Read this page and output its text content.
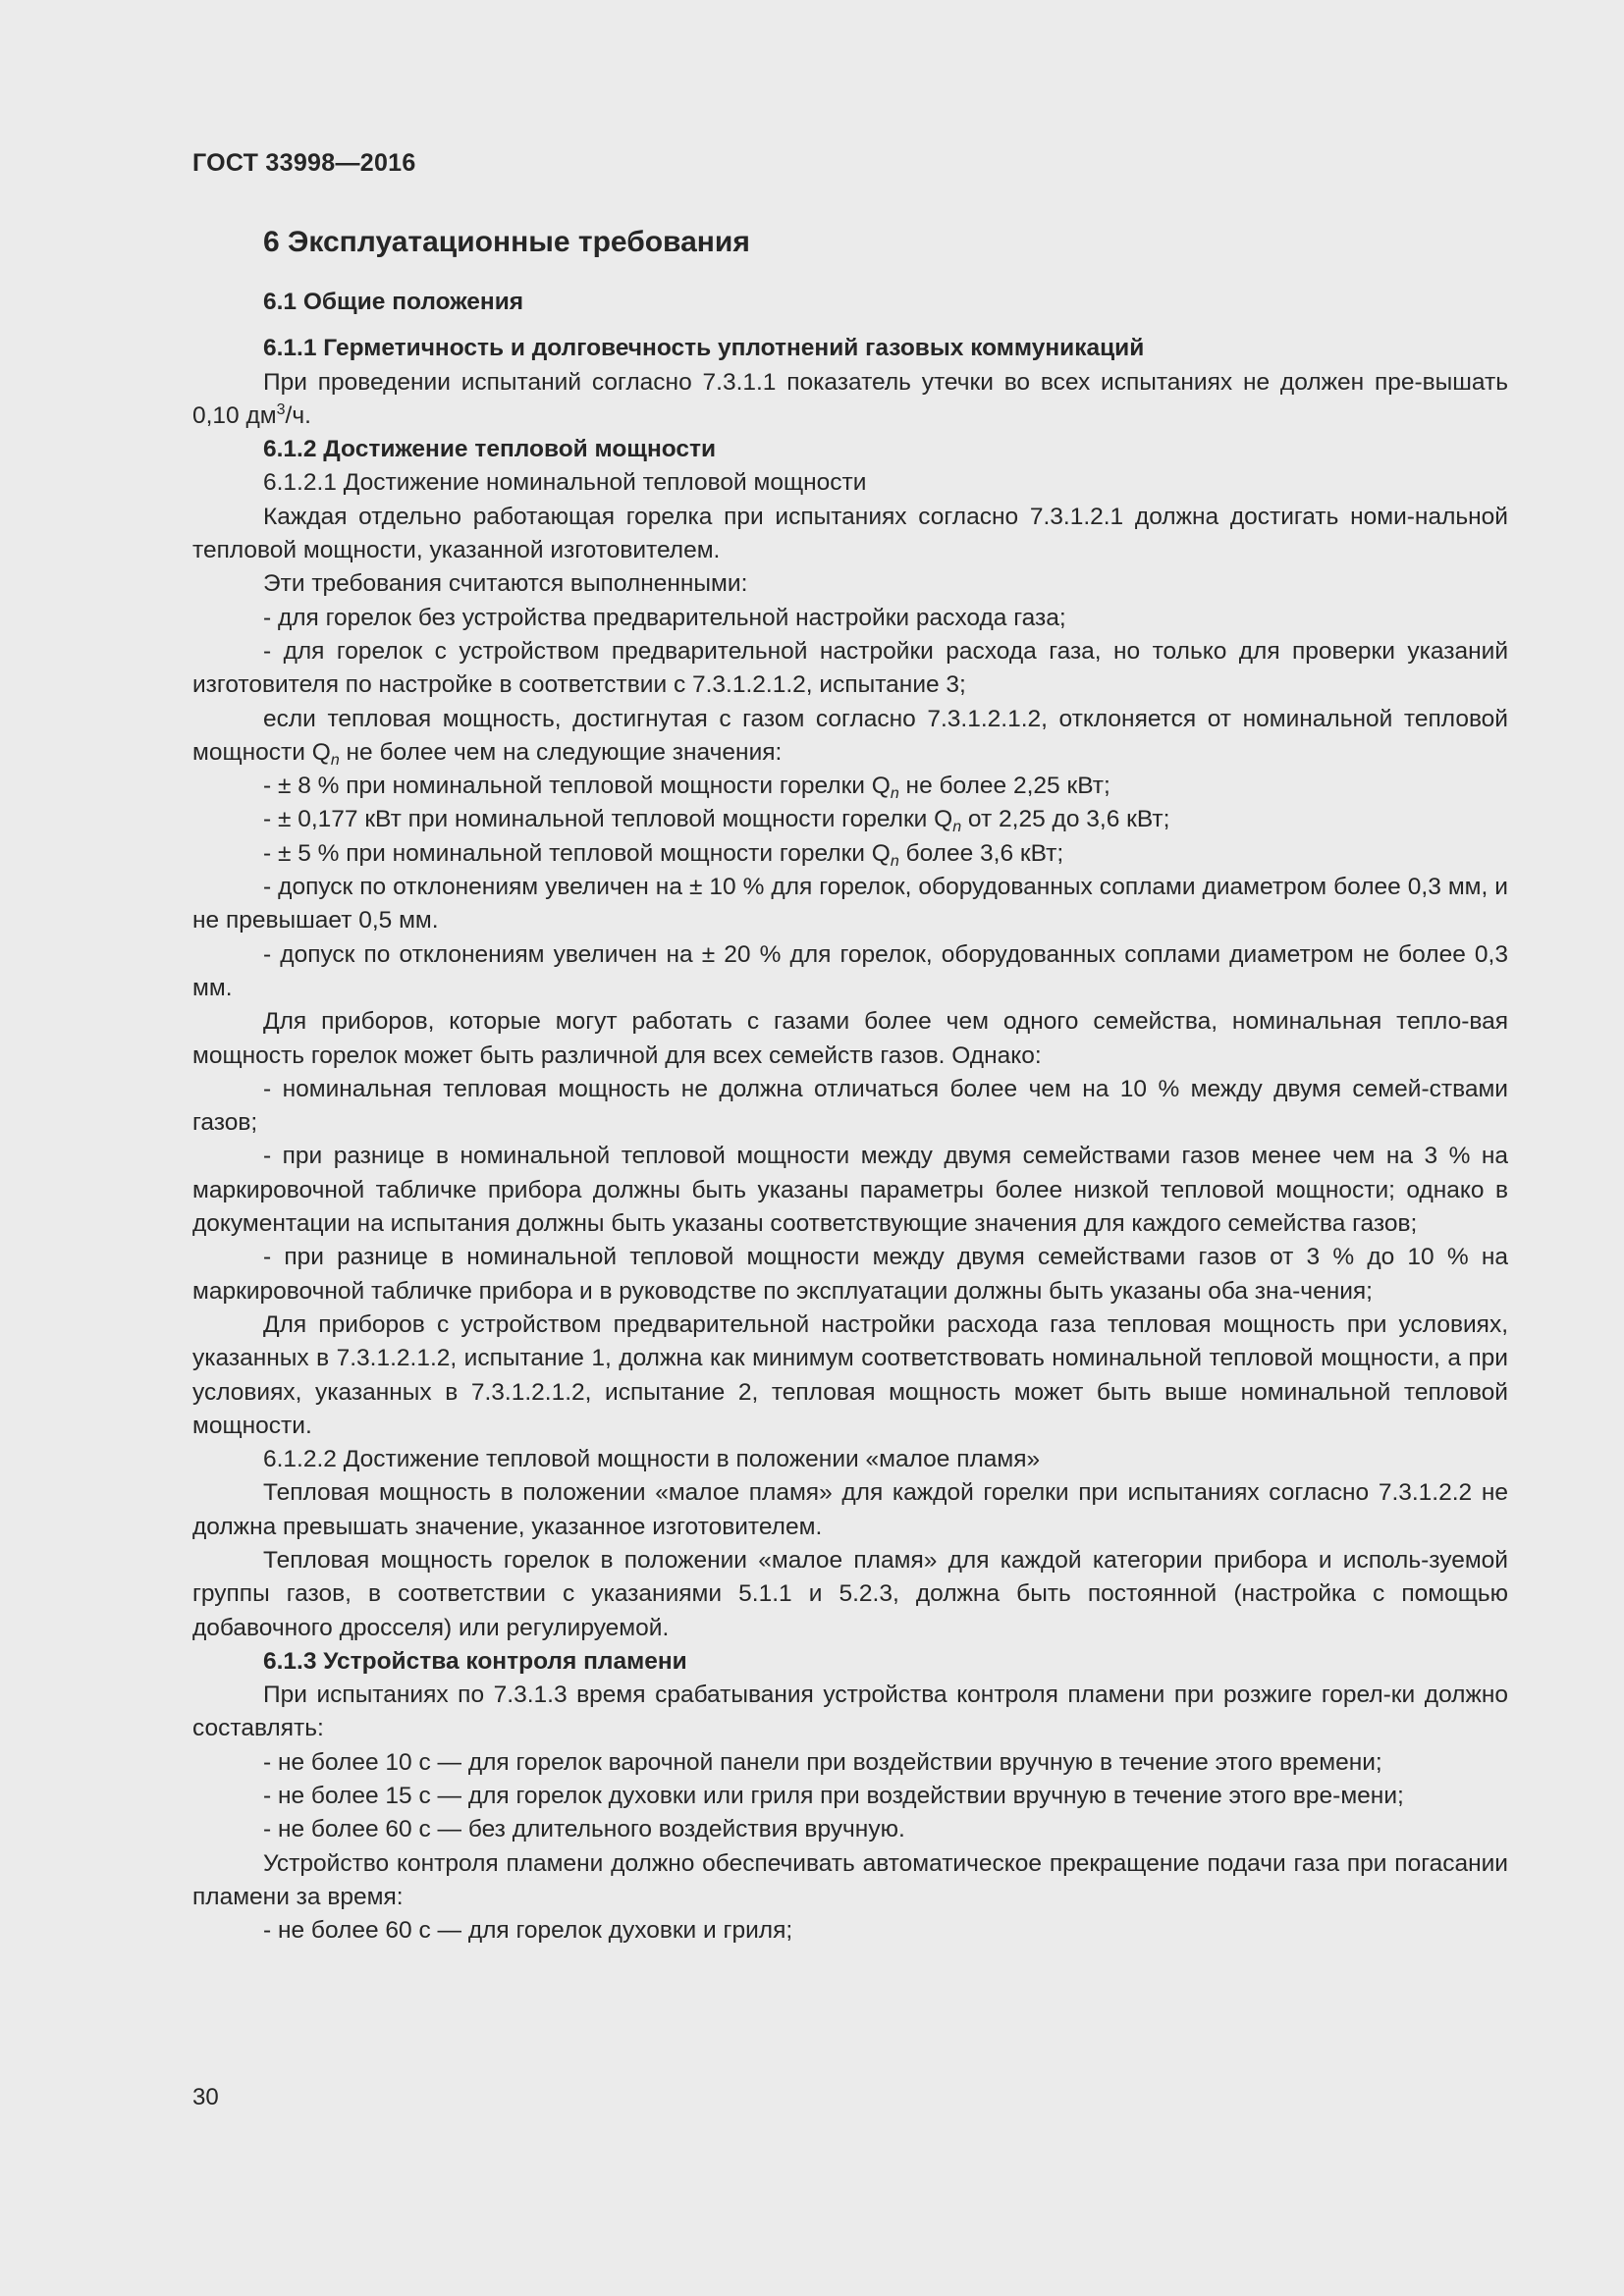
ГОСТ 33998—2016
6 Эксплуатационные требования
6.1 Общие положения
6.1.1 Герметичность и долговечность уплотнений газовых коммуникаций

При проведении испытаний согласно 7.3.1.1 показатель утечки во всех испытаниях не должен пре-вышать 0,10 $дм^3/ч$.

6.1.2 Достижение тепловой мощности
6.1.2.1 Достижение номинальной тепловой мощности

Каждая отдельно работающая горелка при испытаниях согласно 7.3.1.2.1 должна достигать номи-нальной тепловой мощности, указанной изготовителем.

Эти требования считаются выполненными:

- для горелок без устройства предварительной настройки расхода газа;

- для горелок с устройством предварительной настройки расхода газа, но только для проверки указаний изготовителя по настройке в соответствии с 7.3.1.2.1.2, испытание 3;

если тепловая мощность, достигнутая с газом согласно 7.3.1.2.1.2, отклоняется от номинальной тепловой мощности $Q_n$ не более чем на следующие значения:

- ± 8 % при номинальной тепловой мощности горелки $Q_n$ не более 2,25 кВт;

- ± 0,177 кВт при номинальной тепловой мощности горелки $Q_n$ от 2,25 до 3,6 кВт;

- ± 5 % при номинальной тепловой мощности горелки $Q_n$ более 3,6 кВт;

- допуск по отклонениям увеличен на ± 10 % для горелок, оборудованных соплами диаметром более 0,3 мм, и не превышает 0,5 мм.

- допуск по отклонениям увеличен на ± 20 % для горелок, оборудованных соплами диаметром не более 0,3 мм.

Для приборов, которые могут работать с газами более чем одного семейства, номинальная тепло-вая мощность горелок может быть различной для всех семейств газов. Однако:

- номинальная тепловая мощность не должна отличаться более чем на 10 % между двумя семей-ствами газов;

- при разнице в номинальной тепловой мощности между двумя семействами газов менее чем на 3 % на маркировочной табличке прибора должны быть указаны параметры более низкой тепловой мощности; однако в документации на испытания должны быть указаны соответствующие значения для каждого семейства газов;

- при разнице в номинальной тепловой мощности между двумя семействами газов от 3 % до 10 % на маркировочной табличке прибора и в руководстве по эксплуатации должны быть указаны оба зна-чения;

Для приборов с устройством предварительной настройки расхода газа тепловая мощность при условиях, указанных в 7.3.1.2.1.2, испытание 1, должна как минимум соответствовать номинальной тепловой мощности, а при условиях, указанных в 7.3.1.2.1.2, испытание 2, тепловая мощность может быть выше номинальной тепловой мощности.

6.1.2.2 Достижение тепловой мощности в положении «малое пламя»

Тепловая мощность в положении «малое пламя» для каждой горелки при испытаниях согласно 7.3.1.2.2 не должна превышать значение, указанное изготовителем.

Тепловая мощность горелок в положении «малое пламя» для каждой категории прибора и исполь-зуемой группы газов, в соответствии с указаниями 5.1.1 и 5.2.3, должна быть постоянной (настройка с помощью добавочного дросселя) или регулируемой.

6.1.3 Устройства контроля пламени

При испытаниях по 7.3.1.3 время срабатывания устройства контроля пламени при розжиге горел-ки должно составлять:

- не более 10 с — для горелок варочной панели при воздействии вручную в течение этого времени;

- не более 15 с — для горелок духовки или гриля при воздействии вручную в течение этого вре-мени;

- не более 60 с — без длительного воздействия вручную.

Устройство контроля пламени должно обеспечивать автоматическое прекращение подачи газа при погасании пламени за время:

- не более 60 с — для горелок духовки и гриля;

30
